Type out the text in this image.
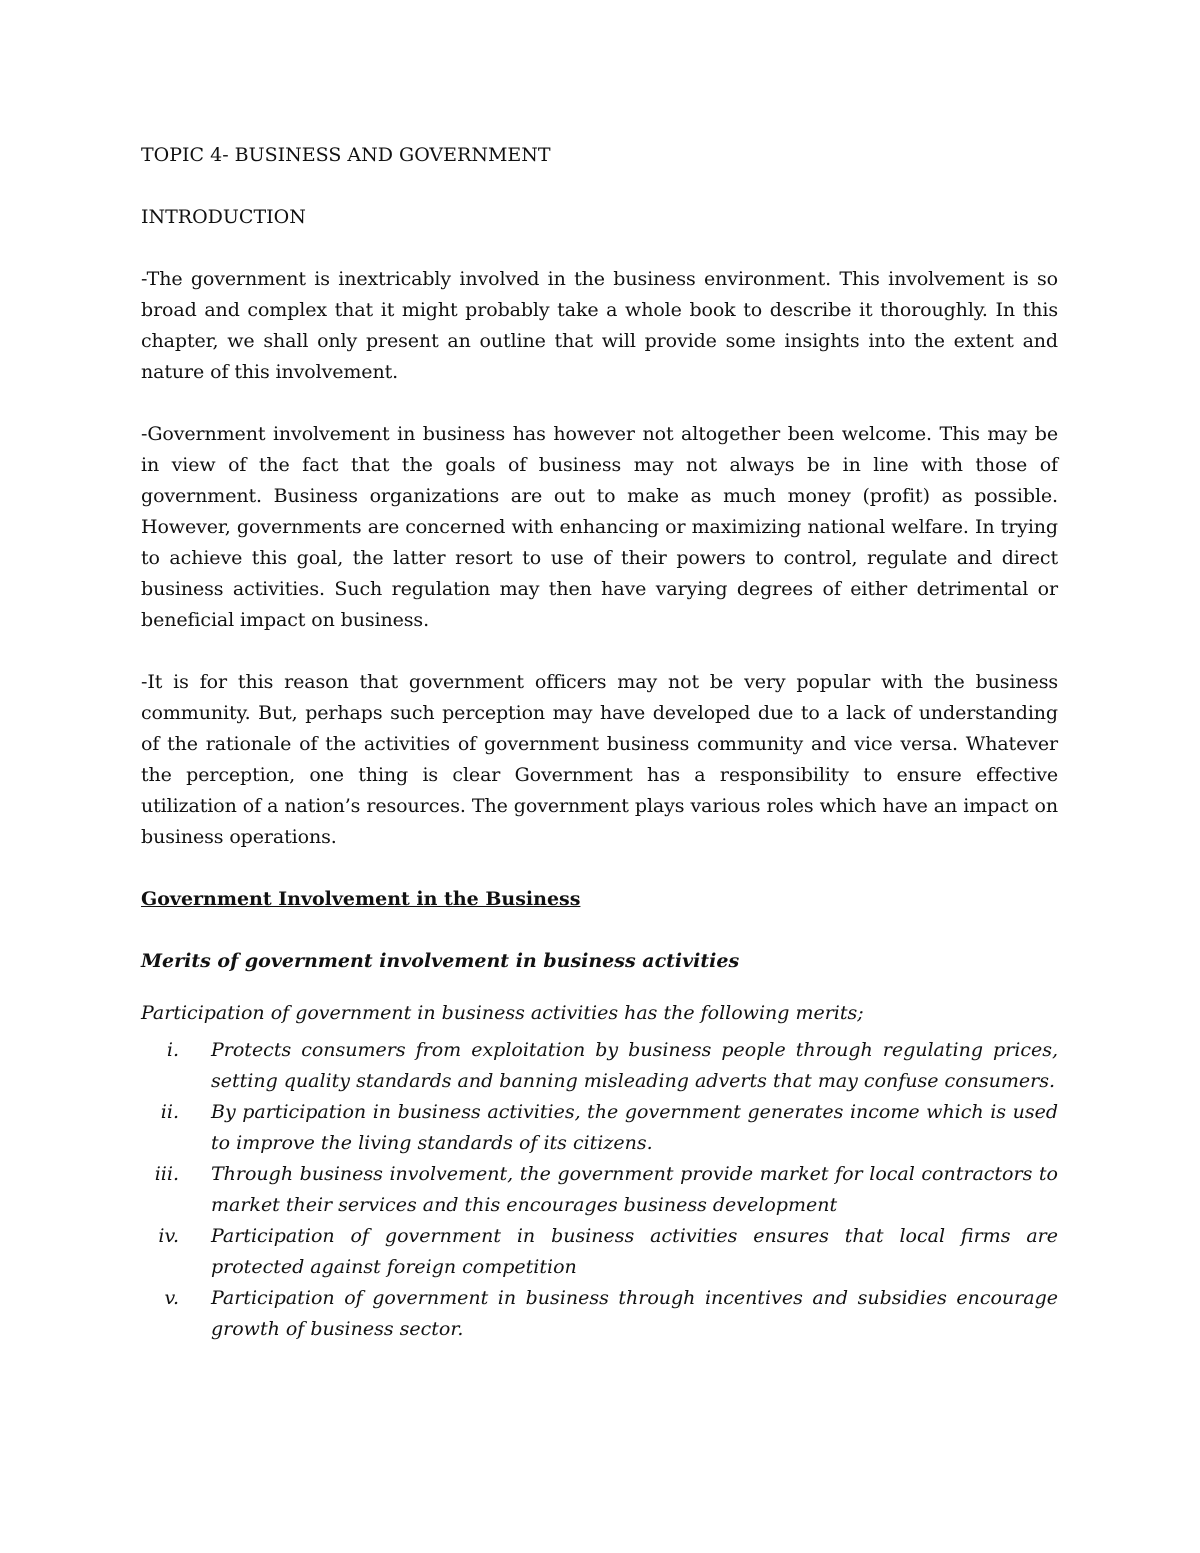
TOPIC 4- BUSINESS AND GOVERNMENT

INTRODUCTION

-The government is inextricably involved in the business environment. This involvement is so broad and complex that it might probably take a whole book to describe it thoroughly. In this chapter, we shall only present an outline that will provide some insights into the extent and nature of this involvement.

-Government involvement in business has however not altogether been welcome. This may be in view of the fact that the goals of business may not always be in line with those of government. Business organizations are out to make as much money (profit) as possible. However, governments are concerned with enhancing or maximizing national welfare. In trying to achieve this goal, the latter resort to use of their powers to control, regulate and direct business activities. Such regulation may then have varying degrees of either detrimental or beneficial impact on business.

-It is for this reason that government officers may not be very popular with the business community. But, perhaps such perception may have developed due to a lack of understanding of the rationale of the activities of government business community and vice versa. Whatever the perception, one thing is clear Government has a responsibility to ensure effective utilization of a nation’s resources. The government plays various roles which have an impact on business operations.

Government Involvement in the Business

Merits of government involvement in business activities

Participation of government in business activities has the following merits;

i. Protects consumers from exploitation by business people through regulating prices, setting quality standards and banning misleading adverts that may confuse consumers.
ii. By participation in business activities, the government generates income which is used to improve the living standards of its citizens.
iii. Through business involvement, the government provide market for local contractors to market their services and this encourages business development
iv. Participation of government in business activities ensures that local firms are protected against foreign competition
v. Participation of government in business through incentives and subsidies encourage growth of business sector.
